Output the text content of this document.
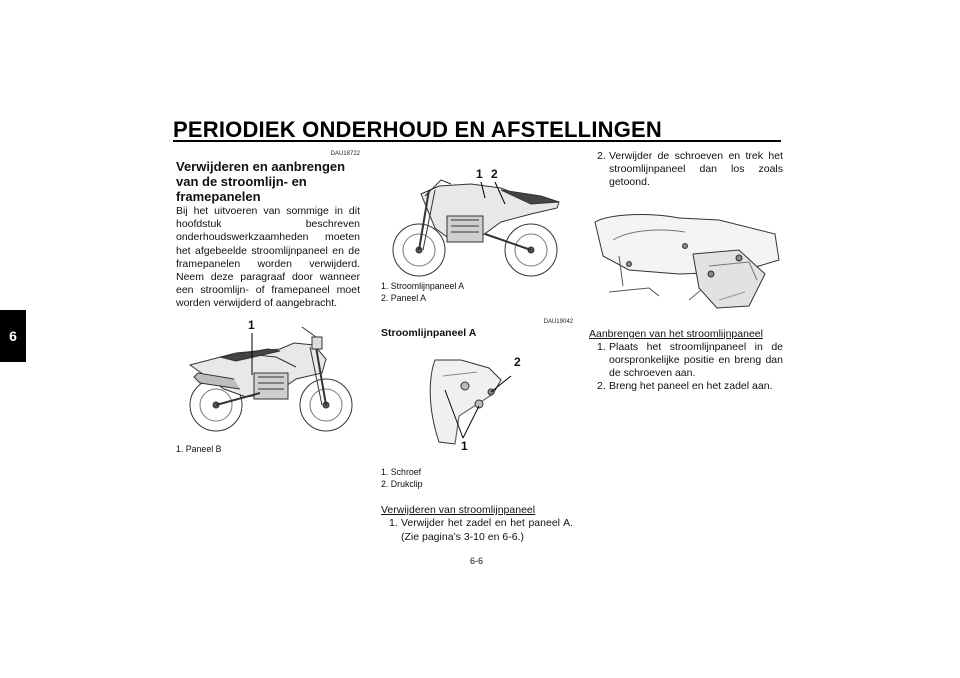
PERIODIEK ONDERHOUD EN AFSTELLINGEN
6
DAU18722
Verwijderen en aanbrengen van de stroomlijn- en framepanelen
Bij het uitvoeren van sommige in dit hoofdstuk beschreven onderhoudswerkzaamheden moeten het afgebeelde stroomlijnpaneel en de framepanelen worden verwijderd. Neem deze paragraaf door wanneer een stroomlijn- of framepaneel moet worden verwijderd of aangebracht.
1
1. Paneel B
1 2
1. Stroomlijnpaneel A
2. Paneel A
DAU19042
Stroomlijnpaneel A
2
1
1. Schroef
2. Drukclip
Verwijderen van stroomlijnpaneel
1. Verwijder het zadel en het paneel A. (Zie pagina’s 3-10 en 6-6.)
2. Verwijder de schroeven en trek het stroomlijnpaneel dan los zoals getoond.
Aanbrengen van het stroomlijnpaneel
1. Plaats het stroomlijnpaneel in de oorspronkelijke positie en breng dan de schroeven aan.
2. Breng het paneel en het zadel aan.
6-6
